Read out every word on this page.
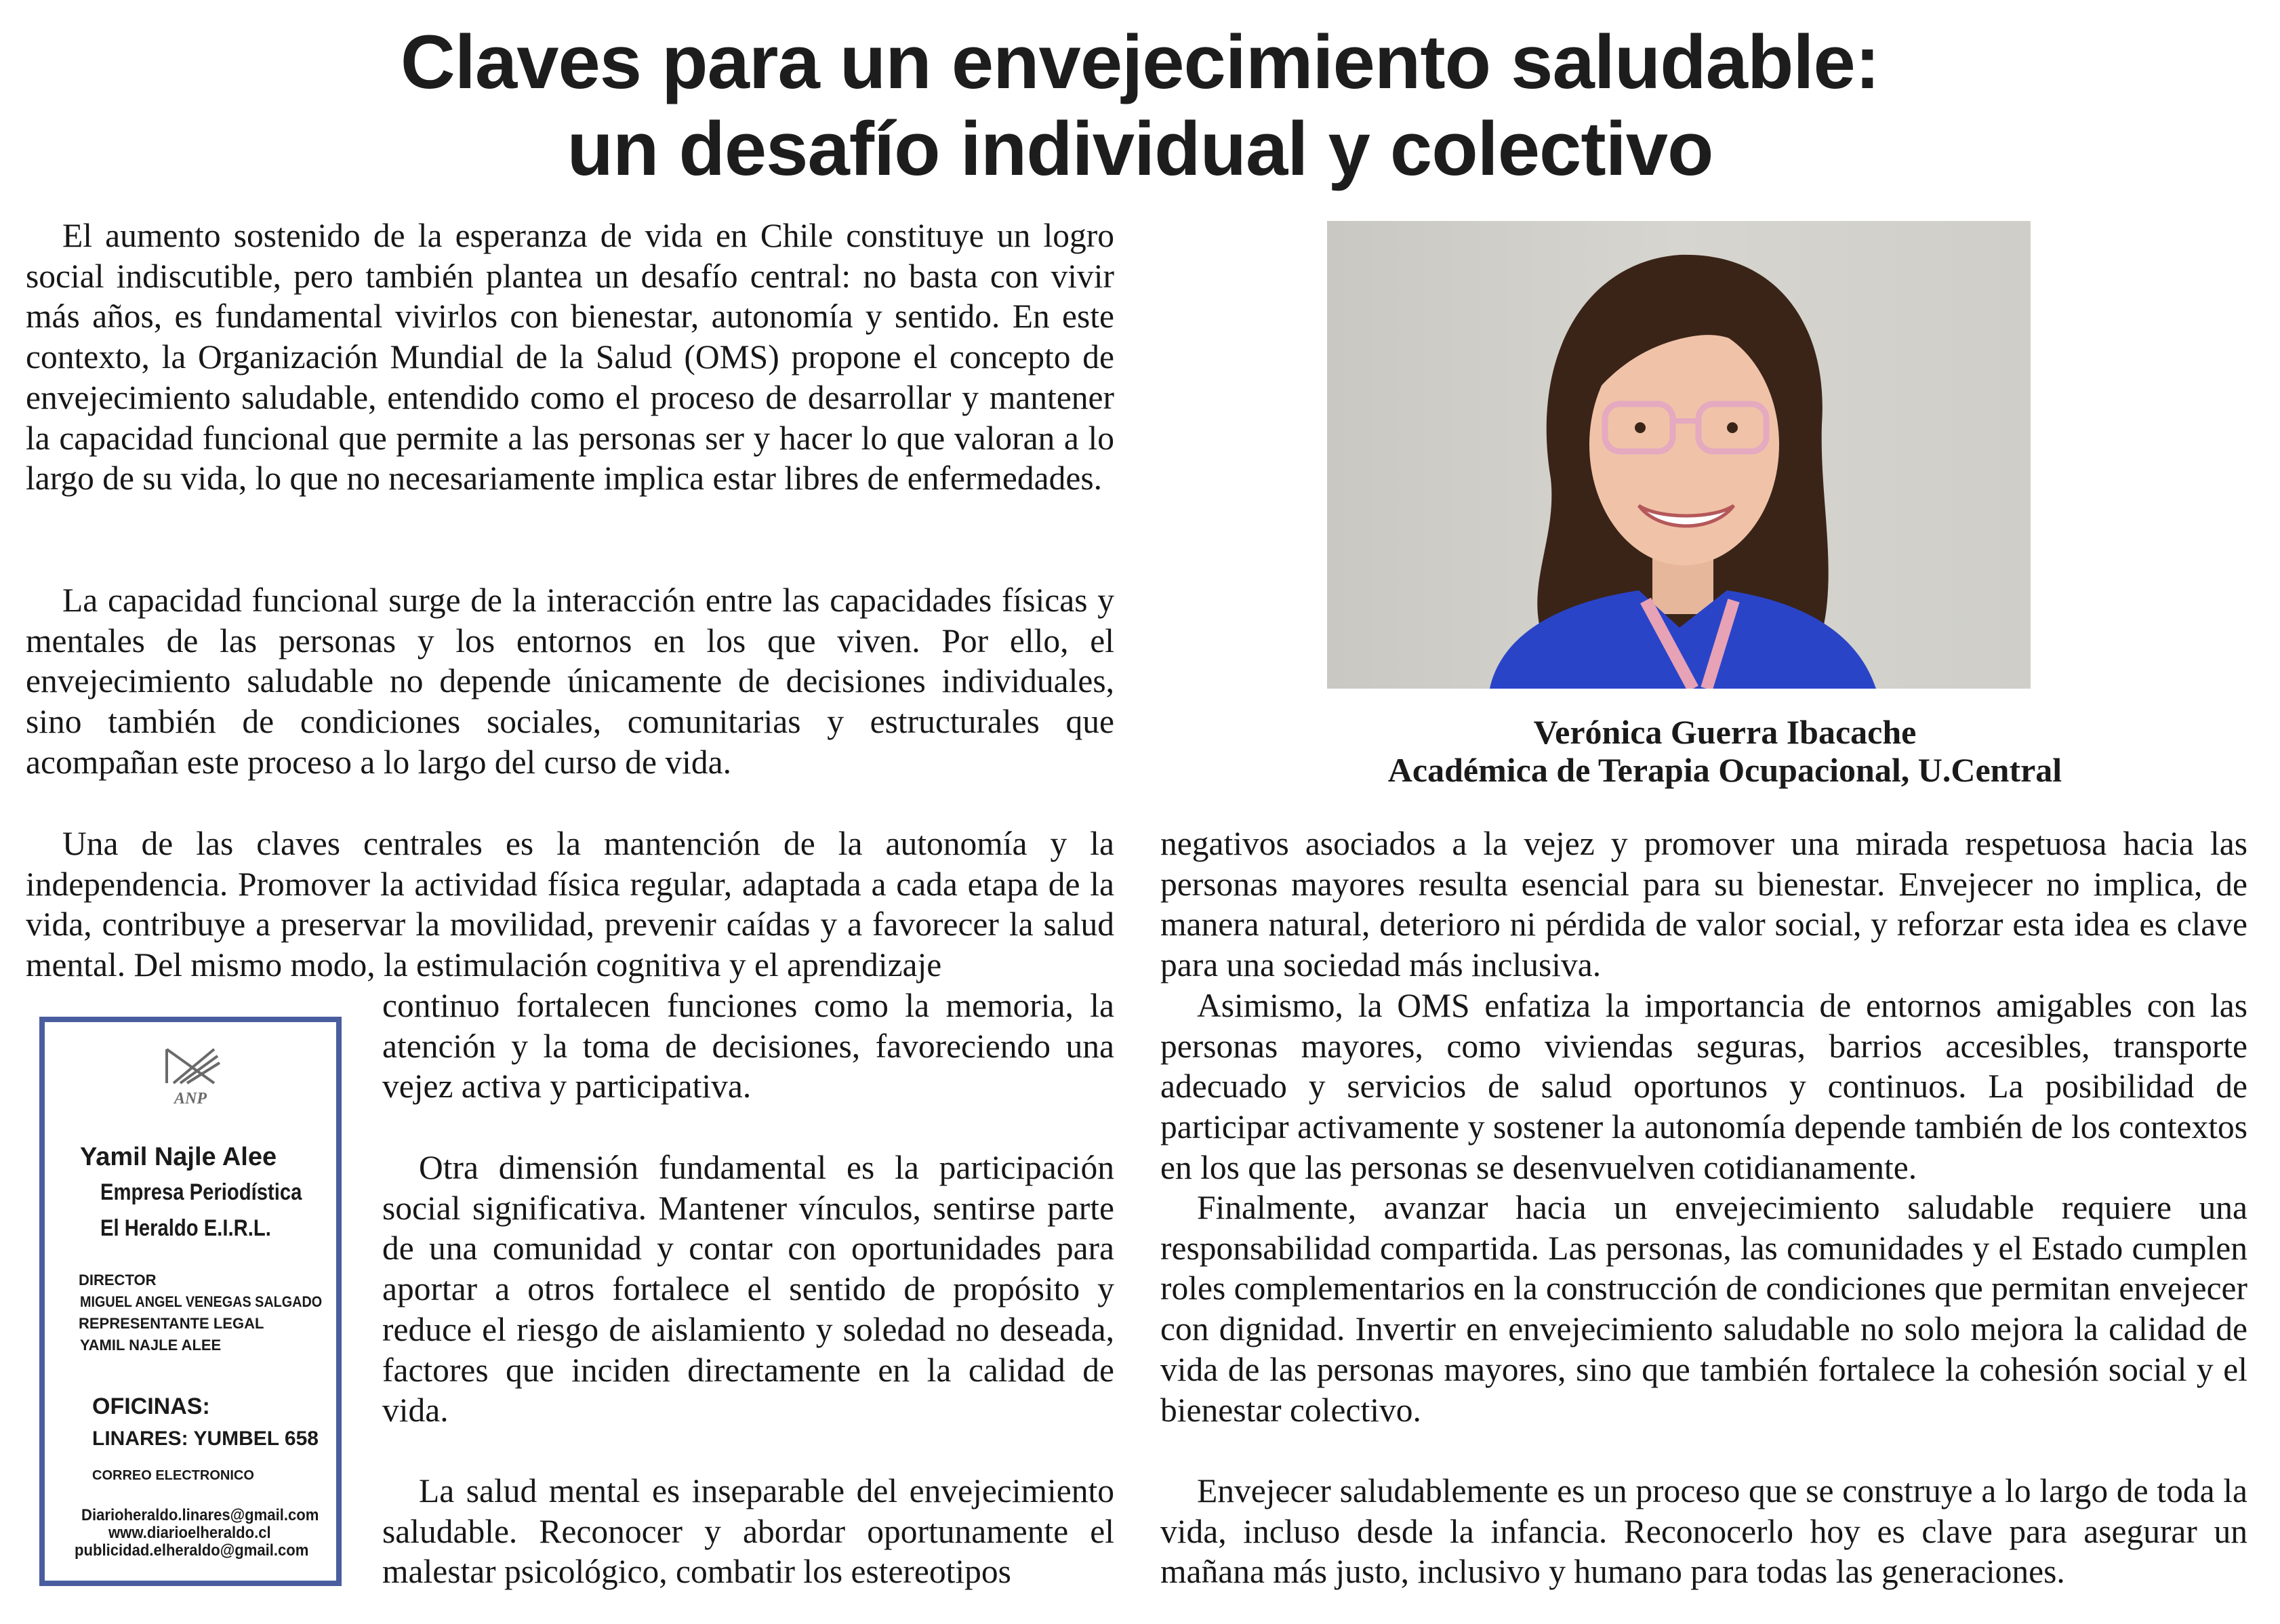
Claves para un envejecimiento saludable:
un desafío individual y colectivo

El aumento sostenido de la esperanza de vida en Chile constituye un logro social indiscutible, pero también plantea un desafío central: no basta con vivir más años, es fundamental vivirlos con bienestar, autonomía y sentido. En este contexto, la Organización Mundial de la Salud (OMS) propone el concepto de envejecimiento saludable, entendido como el proceso de desarrollar y mantener la capacidad funcional que permite a las personas ser y hacer lo que valoran a lo largo de su vida, lo que no necesariamente implica estar libres de enfermedades.

La capacidad funcional surge de la interacción entre las capacidades físicas y mentales de las personas y los entornos en los que viven. Por ello, el envejecimiento saludable no depende únicamente de decisiones individuales, sino también de condiciones sociales, comunitarias y estructurales que acompañan este proceso a lo largo del curso de vida.

Una de las claves centrales es la mantención de la autonomía y la independencia. Promover la actividad física regular, adaptada a cada etapa de la vida, contribuye a preservar la movilidad, prevenir caídas y a favorecer la salud mental. Del mismo modo, la estimulación cognitiva y el aprendizaje

continuo fortalecen funciones como la memoria, la atención y la toma de decisiones, favoreciendo una vejez activa y participativa.

Otra dimensión fundamental es la participación social significativa. Mantener vínculos, sentirse parte de una comunidad y contar con oportunidades para aportar a otros fortalece el sentido de propósito y reduce el riesgo de aislamiento y soledad no deseada, factores que inciden directamente en la calidad de vida.

La salud mental es inseparable del envejecimiento saludable. Reconocer y abordar oportunamente el malestar psicológico, combatir los estereotipos

negativos asociados a la vejez y promover una mirada respetuosa hacia las personas mayores resulta esencial para su bienestar. Envejecer no implica, de manera natural, deterioro ni pérdida de valor social, y reforzar esta idea es clave para una sociedad más inclusiva.

Asimismo, la OMS enfatiza la importancia de entornos amigables con las personas mayores, como viviendas seguras, barrios accesibles, transporte adecuado y servicios de salud oportunos y continuos. La posibilidad de participar activamente y sostener la autonomía depende también de los contextos en los que las personas se desenvuelven cotidianamente.

Finalmente, avanzar hacia un envejecimiento saludable requiere una responsabilidad compartida. Las personas, las comunidades y el Estado cumplen roles complementarios en la construcción de condiciones que permitan envejecer con dignidad. Invertir en envejecimiento saludable no solo mejora la calidad de vida de las personas mayores, sino que también fortalece la cohesión social y el bienestar colectivo.

Envejecer saludablemente es un proceso que se construye a lo largo de toda la vida, incluso desde la infancia. Reconocerlo hoy es clave para asegurar un mañana más justo, inclusivo y humano para todas las generaciones.

Verónica Guerra Ibacache
Académica de Terapia Ocupacional, U.Central
ANP
Yamil Najle Alee
Empresa Periodística
El Heraldo E.I.R.L.
DIRECTOR
MIGUEL ANGEL VENEGAS SALGADO
REPRESENTANTE LEGAL
YAMIL NAJLE ALEE
OFICINAS:
LINARES: YUMBEL 658
CORREO ELECTRONICO
Diarioheraldo.linares@gmail.com
www.diarioelheraldo.cl
publicidad.elheraldo@gmail.com
